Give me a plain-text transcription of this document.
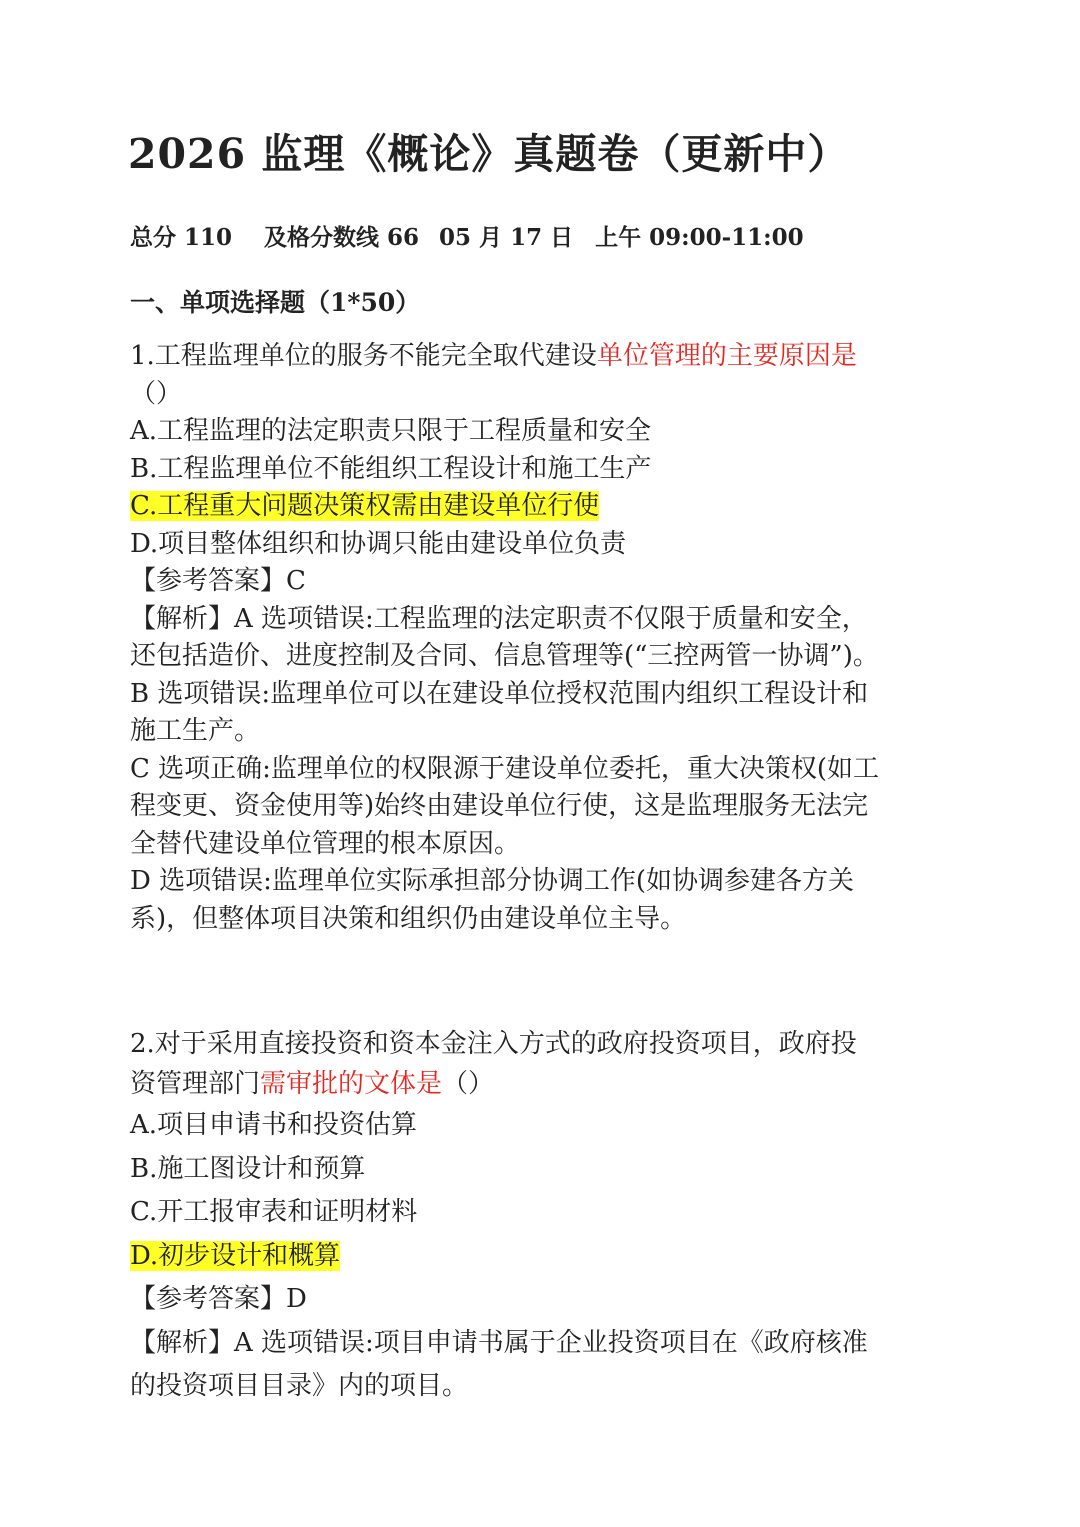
2026 监理《概论》真题卷（更新中）
总分 110 及格分数线 66 05 月 17 日 上午 09:00-11:00
一、单项选择题（1*50）
1.工程监理单位的服务不能完全取代建设单位管理的主要原因是
（）
A.工程监理的法定职责只限于工程质量和安全
B.工程监理单位不能组织工程设计和施工生产
C.工程重大问题决策权需由建设单位行使
D.项目整体组织和协调只能由建设单位负责
【参考答案】C
【解析】A 选项错误:工程监理的法定职责不仅限于质量和安全，
还包括造价、进度控制及合同、信息管理等(“三控两管一协调”)。
B 选项错误:监理单位可以在建设单位授权范围内组织工程设计和
施工生产。
C 选项正确:监理单位的权限源于建设单位委托，重大决策权(如工
程变更、资金使用等)始终由建设单位行使，这是监理服务无法完
全替代建设单位管理的根本原因。
D 选项错误:监理单位实际承担部分协调工作(如协调参建各方关
系)，但整体项目决策和组织仍由建设单位主导。
2.对于采用直接投资和资本金注入方式的政府投资项目，政府投
资管理部门需审批的文体是（）
A.项目申请书和投资估算
B.施工图设计和预算
C.开工报审表和证明材料
D.初步设计和概算
【参考答案】D
【解析】A 选项错误:项目申请书属于企业投资项目在《政府核准
的投资项目目录》内的项目。
